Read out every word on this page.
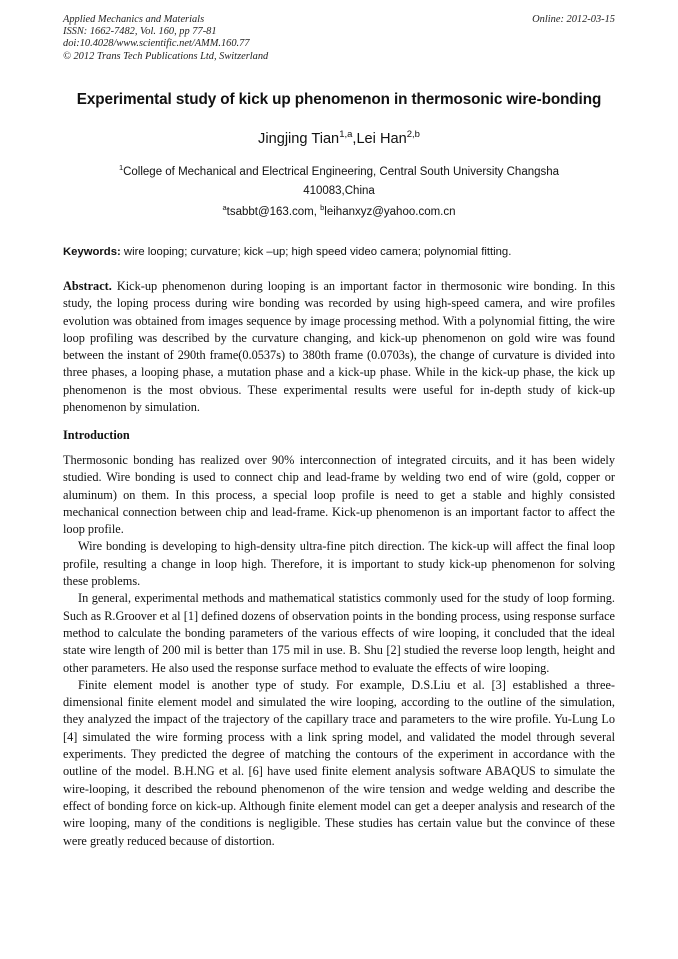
Applied Mechanics and Materials
ISSN: 1662-7482, Vol. 160, pp 77-81
doi:10.4028/www.scientific.net/AMM.160.77
© 2012 Trans Tech Publications Ltd, Switzerland
Online: 2012-03-15
Experimental study of kick up phenomenon in thermosonic wire-bonding
Jingjing Tian$^{1,a}$,Lei Han$^{2,b}$
$^1$College of Mechanical and Electrical Engineering, Central South University Changsha 410083,China
$^a$tsabbt@163.com, $^b$leihanxyz@yahoo.com.cn
Keywords: wire looping; curvature; kick –up; high speed video camera; polynomial fitting.
Abstract. Kick-up phenomenon during looping is an important factor in thermosonic wire bonding. In this study, the loping process during wire bonding was recorded by using high-speed camera, and wire profiles evolution was obtained from images sequence by image processing method. With a polynomial fitting, the wire loop profiling was described by the curvature changing, and kick-up phenomenon on gold wire was found between the instant of 290th frame(0.0537s) to 380th frame (0.0703s), the change of curvature is divided into three phases, a looping phase, a mutation phase and a kick-up phase. While in the kick-up phase, the kick up phenomenon is the most obvious. These experimental results were useful for in-depth study of kick-up phenomenon by simulation.
Introduction

Thermosonic bonding has realized over 90% interconnection of integrated circuits, and it has been widely studied. Wire bonding is used to connect chip and lead-frame by welding two end of wire (gold, copper or aluminum) on them. In this process, a special loop profile is need to get a stable and highly consisted mechanical connection between chip and lead-frame. Kick-up phenomenon is an important factor to affect the loop profile.

Wire bonding is developing to high-density ultra-fine pitch direction. The kick-up will affect the final loop profile, resulting a change in loop high. Therefore, it is important to study kick-up phenomenon for solving these problems.

In general, experimental methods and mathematical statistics commonly used for the study of loop forming. Such as R.Groover et al [1] defined dozens of observation points in the bonding process, using response surface method to calculate the bonding parameters of the various effects of wire looping, it concluded that the ideal state wire length of 200 mil is better than 175 mil in use. B. Shu [2] studied the reverse loop length, height and other parameters. He also used the response surface method to evaluate the effects of wire looping.

Finite element model is another type of study. For example, D.S.Liu et al. [3] established a three-dimensional finite element model and simulated the wire looping, according to the outline of the simulation, they analyzed the impact of the trajectory of the capillary trace and parameters to the wire profile. Yu-Lung Lo [4] simulated the wire forming process with a link spring model, and validated the model through several experiments. They predicted the degree of matching the contours of the experiment in accordance with the outline of the model. B.H.NG et al. [6] have used finite element analysis software ABAQUS to simulate the wire-looping, it described the rebound phenomenon of the wire tension and wedge welding and describe the effect of bonding force on kick-up. Although finite element model can get a deeper analysis and research of the wire looping, many of the conditions is negligible. These studies has certain value but the convince of these were greatly reduced because of distortion.
